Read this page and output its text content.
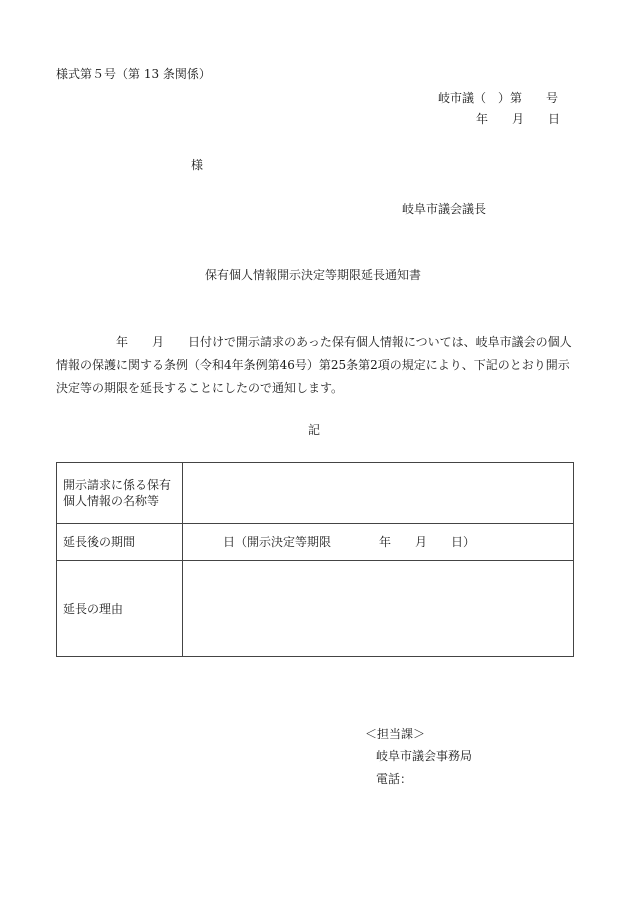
様式第５号（第 13 条関係）
岐市議（　）第　　号
年　　月　　日
様
岐阜市議会議長
保有個人情報開示決定等期限延長通知書
　　　　　年　　月　　日付けで開示請求のあった保有個人情報については、岐阜市議会の個人
情報の保護に関する条例（令和4年条例第46号）第25条第2項の規定により、下記のとおり開示
決定等の期限を延長することにしたので通知します。
記
開示請求に係る保有
個人情報の名称等	

延長後の期間	日（開示決定等期限　　　　年　　月　　日）

延長の理由	

＜担当課＞
岐阜市議会事務局
電話：
